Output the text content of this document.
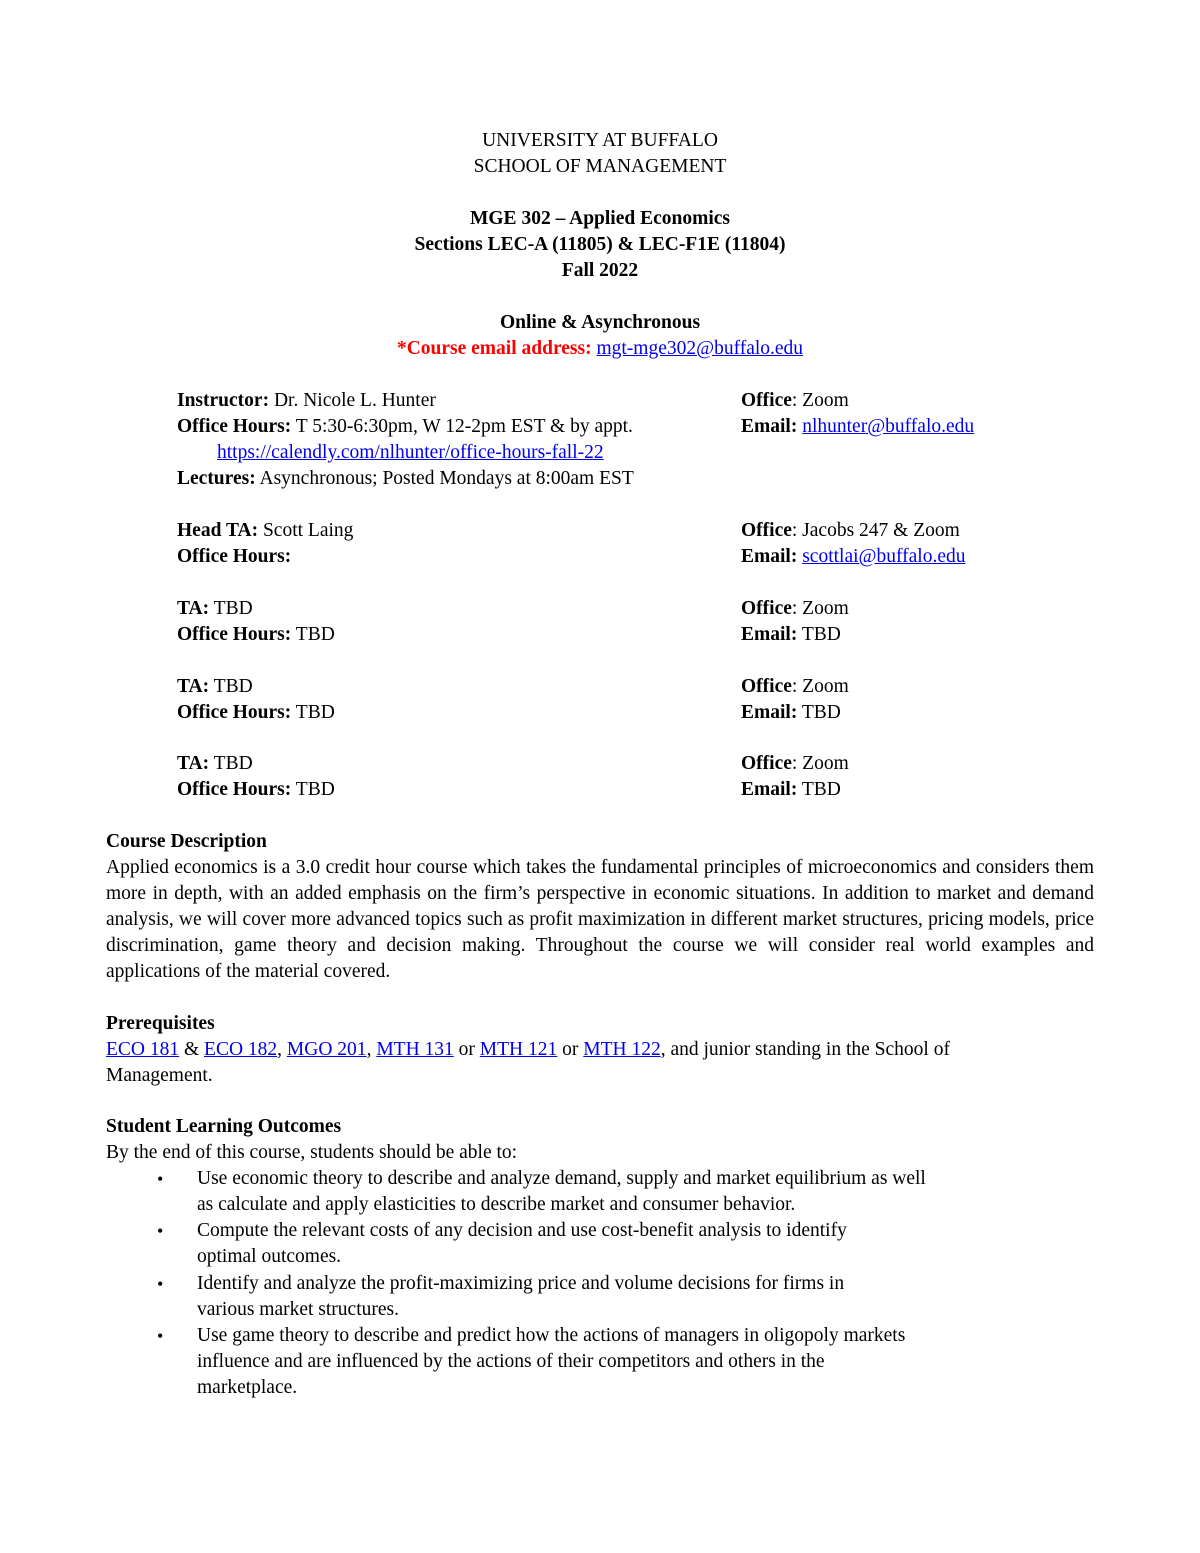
UNIVERSITY AT BUFFALO
SCHOOL OF MANAGEMENT
MGE 302 – Applied Economics
Sections LEC-A (11805) & LEC-F1E (11804)
Fall 2022
Online & Asynchronous
*Course email address: mgt-mge302@buffalo.edu
Instructor: Dr. Nicole L. Hunter	Office: Zoom
Office Hours: T 5:30-6:30pm, W 12-2pm EST & by appt.	Email: nlhunter@buffalo.edu
https://calendly.com/nlhunter/office-hours-fall-22
Lectures: Asynchronous; Posted Mondays at 8:00am EST
Head TA: Scott Laing	Office: Jacobs 247 & Zoom
Office Hours:	Email: scottlai@buffalo.edu
TA: TBD	Office: Zoom
Office Hours: TBD	Email: TBD
TA: TBD	Office: Zoom
Office Hours: TBD	Email: TBD
TA: TBD	Office: Zoom
Office Hours: TBD	Email: TBD
Course Description
Applied economics is a 3.0 credit hour course which takes the fundamental principles of microeconomics and considers them more in depth, with an added emphasis on the firm’s perspective in economic situations. In addition to market and demand analysis, we will cover more advanced topics such as profit maximization in different market structures, pricing models, price discrimination, game theory and decision making. Throughout the course we will consider real world examples and applications of the material covered.
Prerequisites
ECO 181 & ECO 182, MGO 201, MTH 131 or MTH 121 or MTH 122, and junior standing in the School of
Management.
Student Learning Outcomes
By the end of this course, students should be able to:
• Use economic theory to describe and analyze demand, supply and market equilibrium as well
as calculate and apply elasticities to describe market and consumer behavior.
• Compute the relevant costs of any decision and use cost-benefit analysis to identify
optimal outcomes.
• Identify and analyze the profit-maximizing price and volume decisions for firms in
various market structures.
• Use game theory to describe and predict how the actions of managers in oligopoly markets
influence and are influenced by the actions of their competitors and others in the
marketplace.
